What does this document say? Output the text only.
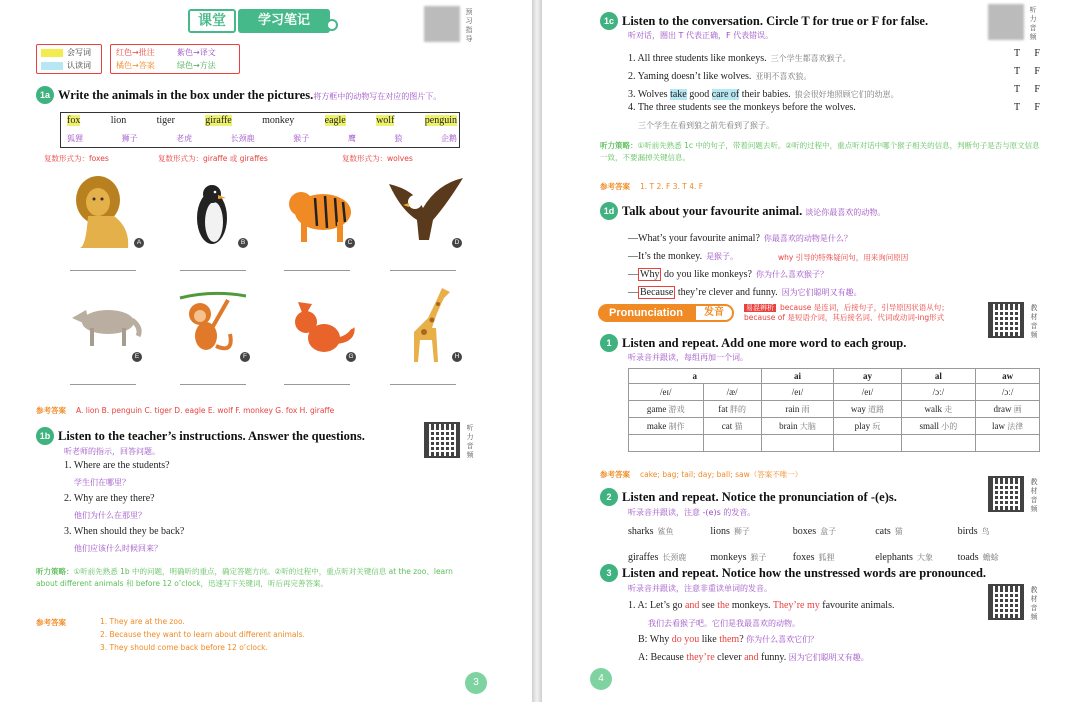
课堂	学习笔记
预习指导
会写词
认读词
红色→批注	紫色→译文
橘色→答案	绿色→方法
1a Write the animals in the box under the pictures.将方框中的动物写在对应的图片下。
fox	lion	tiger	giraffe	monkey	eagle	wolf	penguin
狐狸	狮子	老虎	长颈鹿	猴子	鹰	狼	企鹅
复数形式为：foxes	复数形式为：giraffe 或 giraffes	复数形式为：wolves
A	B	C	D
E	F	G	H
参考答案 A. lion B. penguin C. tiger D. eagle E. wolf F. monkey G. fox H. giraffe
1b Listen to the teacher’s instructions. Answer the questions.
听老师的指示，回答问题。
听力音频
1. Where are the students?
学生们在哪里？
2. Why are they there?
他们为什么在那里？
3. When should they be back?
他们应该什么时候回来？
听力策略：①听前先熟悉 1b 中的问题，明确听的重点，确定答题方向。②听的过程中，重点听对关键信息 at the zoo、learn about different animals 和 before 12 o’clock，迅速写下关键词，听后再完善答案。
参考答案	1. They are at the zoo.
2. Because they want to learn about different animals.
3. They should come back before 12 o’clock.
3
1c Listen to the conversation. Circle T for true or F for false.
听对话，圈出 T 代表正确，F 代表错误。
听力音频
1. All three students like monkeys. 三个学生都喜欢猴子。	T F
2. Yaming doesn’t like wolves. 亚明不喜欢狼。	T F
3. Wolves take good care of their babies. 狼会很好地照顾它们的幼崽。	T F
4. The three students see the monkeys before the wolves.	T F
三个学生在看到狼之前先看到了猴子。
听力策略：①听前先熟悉 1c 中的句子，带着问题去听。②听的过程中，重点听对话中哪个猴子相关的信息，判断句子是否与原文信息一致，不要漏掉关键信息。
参考答案 1. T 2. F 3. T 4. F
1d Talk about your favourite animal. 谈论你最喜欢的动物。
—What’s your favourite animal? 你最喜欢的动物是什么？
—It’s the monkey. 是猴子。	why 引导的特殊疑问句，用来询问原因
— Why do you like monkeys? 你为什么喜欢猴子？
— Because they’re clever and funny. 因为它们聪明又有趣。
易混辨析 because 是连词，后接句子，引导原因状语从句；
because of 是短语介词，其后接名词、代词或动词-ing形式
Pronunciation	发音	教材音频
1 Listen and repeat. Add one more word to each group.
听录音并跟读，每组再加一个词。
a		ai	ay	al	aw
/eɪ/	/æ/	/eɪ/	/eɪ/	/ɔː/	/ɔː/
game 游戏	fat 胖的	rain 雨	way 道路	walk 走	draw 画
make 制作	cat 猫	brain 大脑	play 玩	small 小的	law 法律

参考答案 cake; bag; tail; day; ball; saw（答案不唯一）
2 Listen and repeat. Notice the pronunciation of -(e)s.
听录音并跟读，注意 -(e)s 的发音。
教材音频
sharks 鲨鱼	lions 狮子	boxes 盒子	cats 猫	birds 鸟
giraffes 长颈鹿	monkeys 猴子	foxes 狐狸	elephants 大象	toads 蟾蜍
3 Listen and repeat. Notice how the unstressed words are pronounced.
听录音并跟读，注意非重读单词的发音。	教材音频
1. A: Let’s go and see the monkeys. They’re my favourite animals.
我们去看猴子吧。它们是我最喜欢的动物。
B: Why do you like them? 你为什么喜欢它们？
A: Because they’re clever and funny. 因为它们聪明又有趣。
4
